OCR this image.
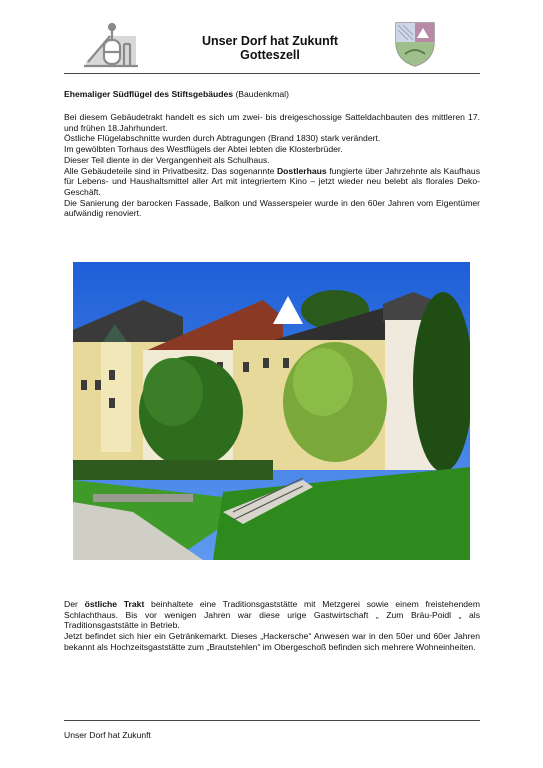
Unser Dorf hat Zukunft
Gotteszell
Ehemaliger Südflügel des Stiftsgebäudes (Baudenkmal)

Bei diesem Gebäudetrakt handelt es sich um zwei- bis dreigeschossige Satteldachbauten des mittleren 17. und frühen 18.Jahrhundert.

Östliche Flügelabschnitte wurden durch Abtragungen (Brand 1830) stark verändert.

Im gewölbten Torhaus des Westflügels der Abtei lebten die Klosterbrüder.

Dieser Teil diente in der Vergangenheit als Schulhaus.

Alle Gebäudeteile sind in Privatbesitz. Das sogenannte Dostlerhaus fungierte über Jahrzehnte als Kaufhaus für Lebens- und Haushaltsmittel aller Art mit integriertem Kino – jetzt wieder neu belebt als florales Deko-Geschäft.

Die Sanierung der barocken Fassade, Balkon und Wasserspeier wurde in den 60er Jahren vom Eigentümer aufwändig renoviert.

Der östliche Trakt beinhaltete eine Traditionsgaststätte mit Metzgerei sowie einem freistehendem Schlachthaus. Bis vor wenigen Jahren war diese urige Gastwirtschaft „ Zum Bräu-Poidl „ als Traditionsgaststätte in Betrieb.

Jetzt befindet sich hier ein Getränkemarkt. Dieses „Hackersche“ Anwesen war in den 50er und 60er Jahren bekannt als Hochzeitsgaststätte zum „Brautstehlen“ im Obergeschoß befinden sich mehrere Wohneinheiten.

Unser Dorf hat Zukunft
